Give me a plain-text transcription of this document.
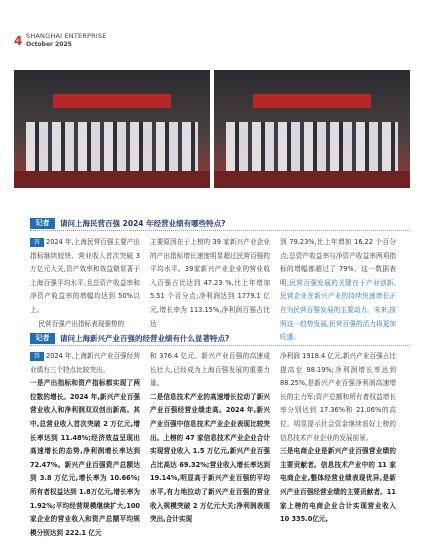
4 SHANGHAI ENTERPRISE
October 2025
记者	请问上海民营百强 2024 年经营业绩有哪些特点?

答 2024 年,上海民营百强主要产出指标继续较快、营业收入首次突破 3 万亿元大关,资产效率和效益朝显著于上海百强平均水平,且总资产收益率和净资产收益率的增幅均达到 50%以上。

民营百强产出指标表现强势的

主要原因在于上榜的 39 家新兴产业企业的产出指标增长速度明显超过民营百强的平均水平。39家新兴产业企业的营业收入百强占比达到 47.23 %,比上年增加 5.51 个百分点;净利润达到 1779.1 亿元,增长率为 113.15%,净利润百强占比达

到 79.23%,比上年增加 16.22 个百分点;总资产收益率与净资产收益率两项指标的增幅都超过了 79%。这一数据表明,民营百强发展的关键在于产业创新,民营企业在新兴产业的持续快速增长正在为民营百强发展的主要动力。未来,按照这一趋势发展,民营百强的活力将更加旺盛。

记者	请问上海新兴产业百强的经营业绩有什么显著特点?

答 2024 年,上海新兴产业百强经营业绩有三个特点比较突出。

一是产出指标和资产指标都实现了两位数的增长。2024 年,新兴产业百强营业收入和净利润双双创出新高。其中,总营业收入首次突破 2 万亿元,增长率达到 11.48%;经济效益呈现出高速增长的态势,净利润增长率达到 72.47%。新兴产业百强资产总额达到 3.8 万亿元,增长率为 10.66%;所有者权益达到 1.8万亿元,增长率为 1.92%;平均经营规模继续扩大,100 家企业的营业收入和资产总额平均规模分别达到 222.1 亿元

和 376.4 亿元。新兴产业百强的高速成长壮大,已经成为上海百强发展的重要力量。

二是信息技术产业的高速增长拉动了新兴产业百强经营业绩走高。2024 年,新兴产业百强中信息技术产业企业表现比较突出。上榜的 47 家信息技术产业企业合计实现营业收入 1.5 万亿元,新兴产业百强占比高达 69.32%;营业收入增长率达到 19.14%,明显高于新兴产业百强的平均水平,有力地拉动了新兴产业百强的营业收入规模突破 2 万亿元大关;净利润表现突出,合计实现

净利润 1918.4 亿元,新兴产业百强占比提高至 98.19%;净利润增长率达到 88.25%,是新兴产业百强净利润高速增长的主力军;资产总额和所有者权益增长率分别达到 17.36%和 21.06%的高位。明显提示社会资金继续看好上榜的信息技术产业企业的发展前景。

三是电商企业是新兴产业百强营业绩的主要贡献者。信息技术产业中的 11 家电商企业,整体经营业绩表现优异,是新兴产业百强经营业绩的主要贡献者。11家上榜的电商企业合计实现营业收入 10 335.0亿元,
